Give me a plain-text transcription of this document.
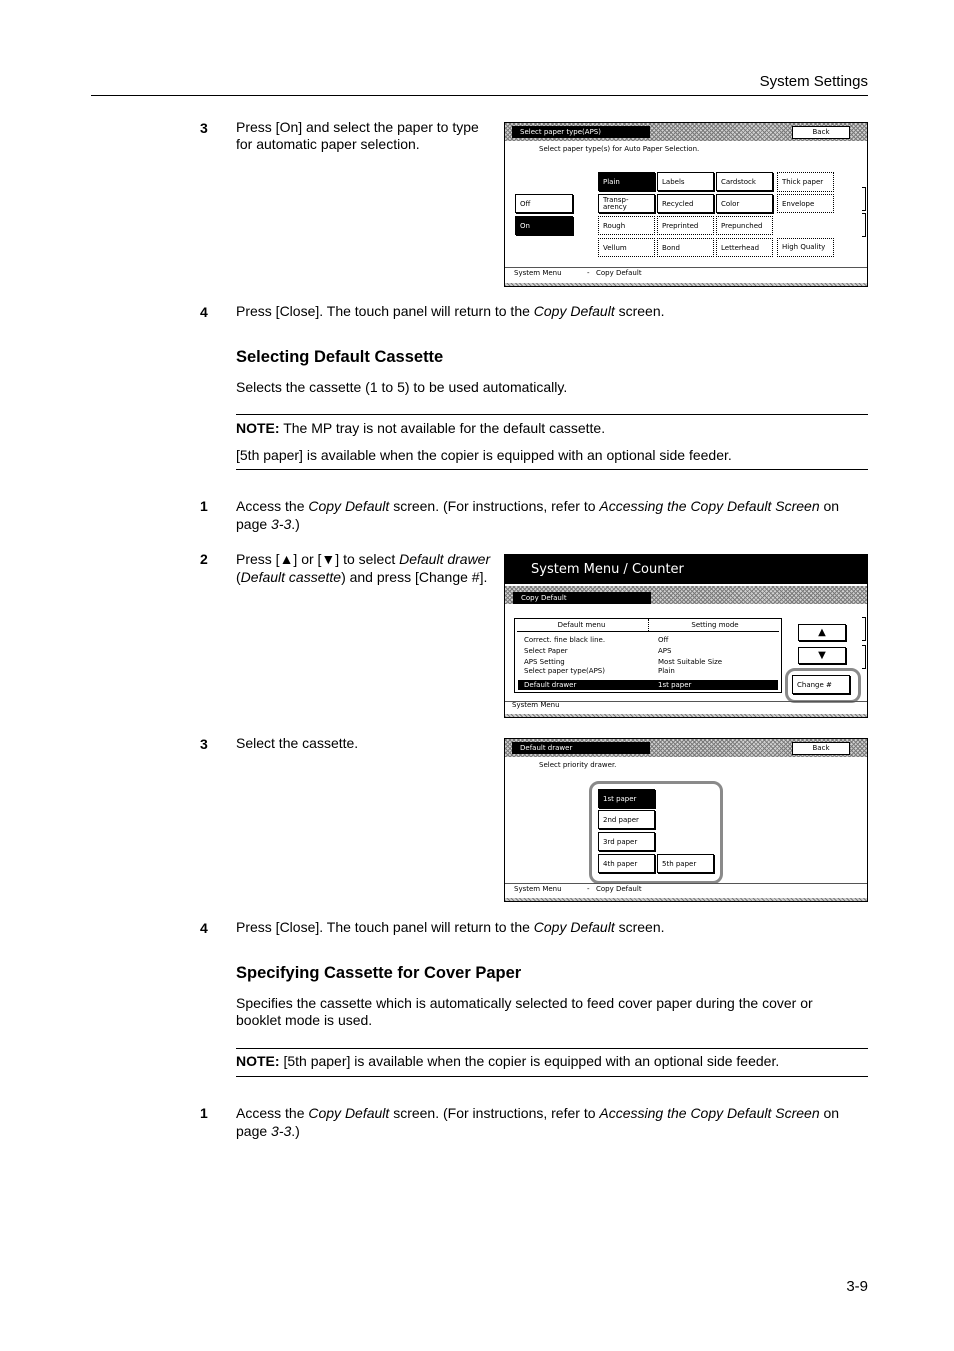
System Settings
3 Press [On] and select the paper to type for automatic paper selection.
Select paper type(APS)	Back
Select paper type(s) for Auto Paper Selection.
Off
On
Plain	Labels	Cardstock	Thick paper
Transp- arency	Recycled	Color	Envelope
Rough	Preprinted	Prepunched
Vellum	Bond	Letterhead	High Quality
System Menu	- Copy Default
4 Press [Close]. The touch panel will return to the Copy Default screen.
Selecting Default Cassette
Selects the cassette (1 to 5) to be used automatically.
NOTE: The MP tray is not available for the default cassette.
[5th paper] is available when the copier is equipped with an optional side feeder.
1 Access the Copy Default screen. (For instructions, refer to Accessing the Copy Default Screen on page 3-3.)
2 Press [▲] or [▼] to select Default drawer (Default cassette) and press [Change #].	System Menu / Counter
Copy Default
Default menu	Setting mode
Correct. fine black line.	Off
Select Paper	APS
APS Setting	Most Suitable Size
Select paper type(APS)	Plain
Default drawer	1st paper
▲
▼
Change #
System Menu
3 Select the cassette.	Default drawer	Back
Select priority drawer.
1st paper
2nd paper
3rd paper
4th paper	5th paper
System Menu	- Copy Default
4 Press [Close]. The touch panel will return to the Copy Default screen.
Specifying Cassette for Cover Paper
Specifies the cassette which is automatically selected to feed cover paper during the cover or booklet mode is used.
NOTE: [5th paper] is available when the copier is equipped with an optional side feeder.
1 Access the Copy Default screen. (For instructions, refer to Accessing the Copy Default Screen on page 3-3.)
3-9
